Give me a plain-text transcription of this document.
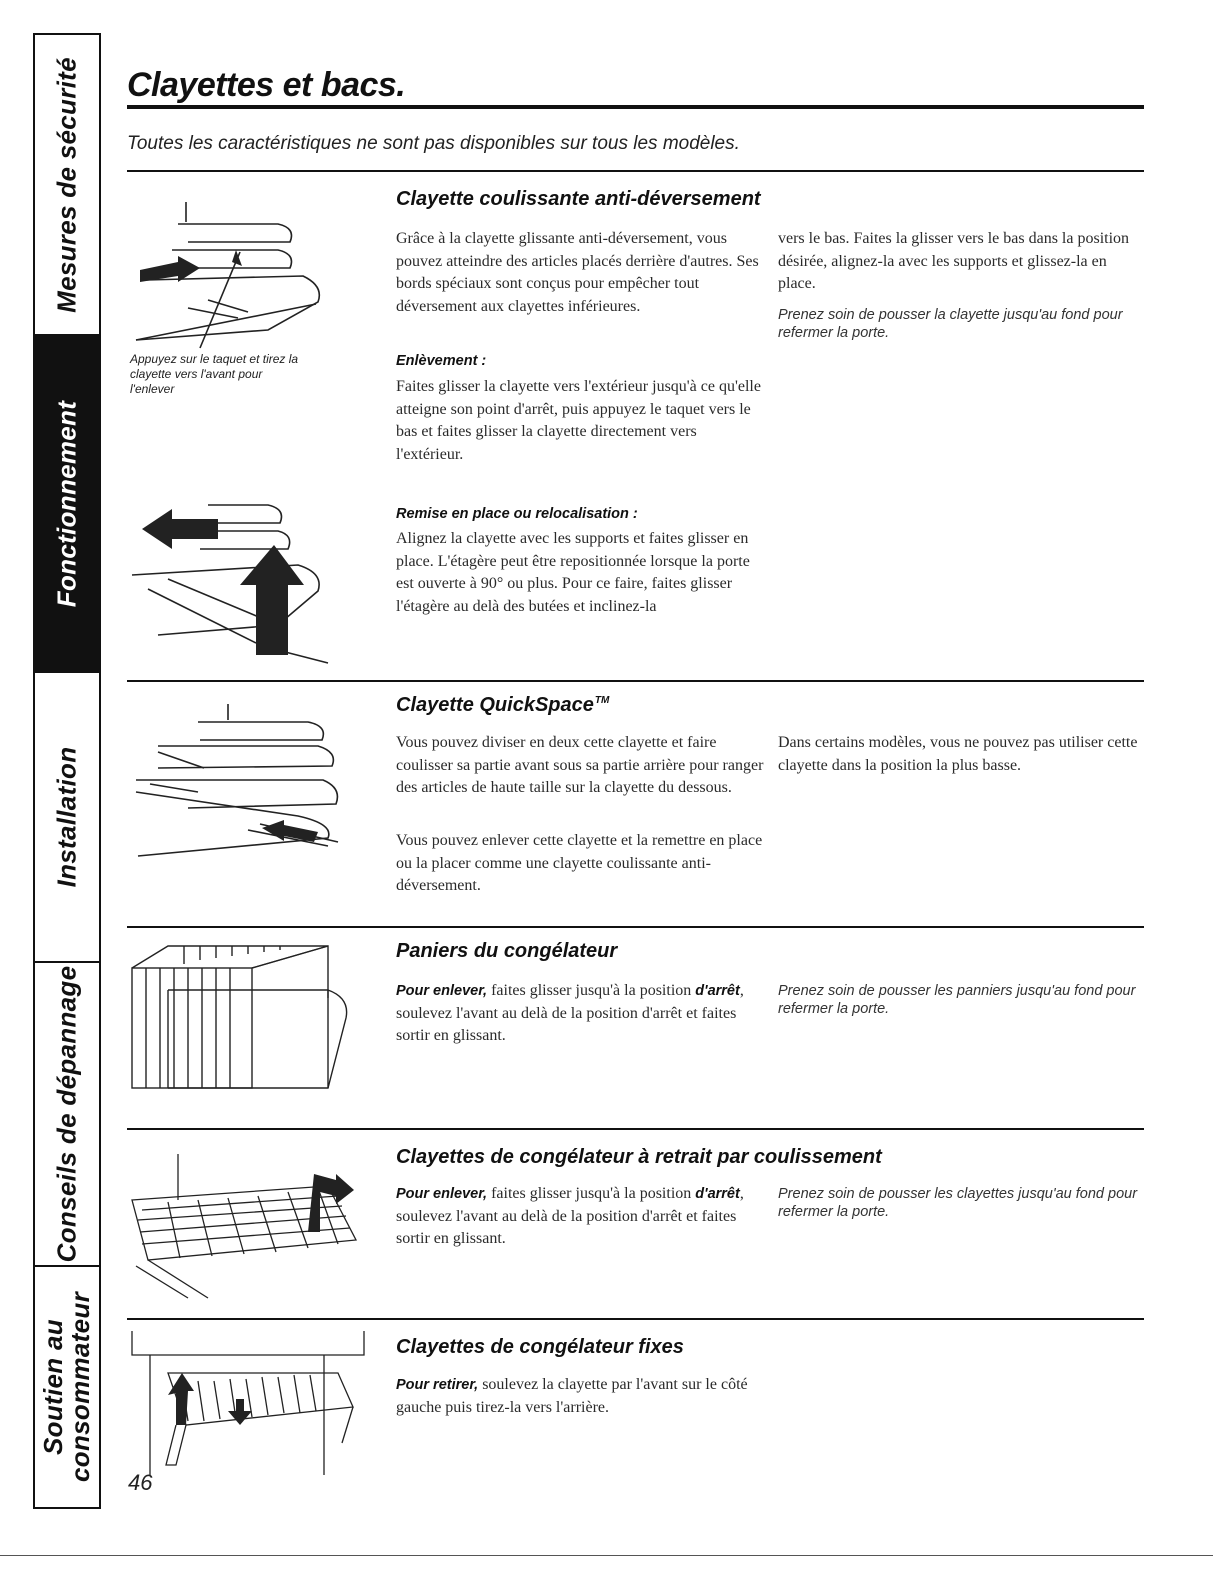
Mesures de sécurité
Fonctionnement
Installation
Conseils de dépannage
Soutien au
consommateur
Clayettes et bacs.

Toutes les caractéristiques ne sont pas disponibles sur tous les modèles.

Appuyez sur le taquet et tirez la clayette vers l'avant pour l'enlever

Clayette coulissante anti-déversement

Grâce à la clayette glissante anti-déversement, vous pouvez atteindre des articles placés derrière d'autres. Ses bords spéciaux sont conçus pour empêcher tout déversement aux clayettes inférieures.

Enlèvement :

Faites glisser la clayette vers l'extérieur jusqu'à ce qu'elle atteigne son point d'arrêt, puis appuyez le taquet vers le bas et faites glisser la clayette directement vers l'extérieur.

Remise en place ou relocalisation :

Alignez la clayette avec les supports et faites glisser en place. L'étagère peut être repositionnée lorsque la porte est ouverte à 90° ou plus. Pour ce faire, faites glisser l'étagère au delà des butées et inclinez-la

vers le bas. Faites la glisser vers le bas dans la position désirée, alignez-la avec les supports et glissez-la en place.

Prenez soin de pousser la clayette jusqu'au fond pour refermer la porte.

Clayette QuickSpace™

Vous pouvez diviser en deux cette clayette et faire coulisser sa partie avant sous sa partie arrière pour ranger des articles de haute taille sur la clayette du dessous.

Vous pouvez enlever cette clayette et la remettre en place ou la placer comme une clayette coulissante anti-déversement.

Dans certains modèles, vous ne pouvez pas utiliser cette clayette dans la position la plus basse.

Paniers du congélateur

Pour enlever, faites glisser jusqu'à la position d'arrêt, soulevez l'avant au delà de la position d'arrêt et faites sortir en glissant.

Prenez soin de pousser les panniers jusqu'au fond pour refermer la porte.

Clayettes de congélateur à retrait par coulissement

Pour enlever, faites glisser jusqu'à la position d'arrêt, soulevez l'avant au delà de la position d'arrêt et faites sortir en glissant.

Prenez soin de pousser les clayettes jusqu'au fond pour refermer la porte.

Clayettes de congélateur fixes

Pour retirer, soulevez la clayette par l'avant sur le côté gauche puis tirez-la vers l'arrière.

46
